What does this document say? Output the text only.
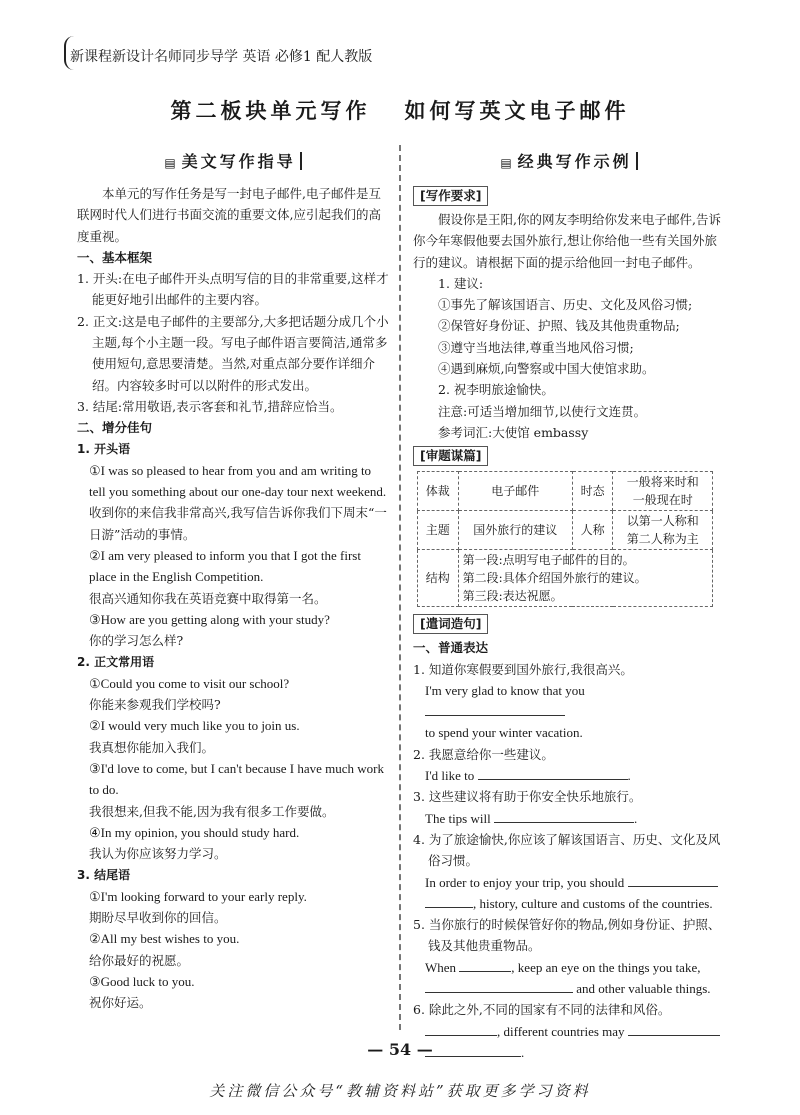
新课程新设计名师同步导学 英语 必修1 配人教版
第二板块单元写作 如何写英文电子邮件
▤ 美文写作指导

本单元的写作任务是写一封电子邮件,电子邮件是互联网时代人们进行书面交流的重要文体,应引起我们的高度重视。

一、基本框架

1. 开头:在电子邮件开头点明写信的目的非常重要,这样才能更好地引出邮件的主要内容。

2. 正文:这是电子邮件的主要部分,大多把话题分成几个小主题,每个小主题一段。写电子邮件语言要简洁,通常多使用短句,意思要清楚。当然,对重点部分要作详细介绍。内容较多时可以以附件的形式发出。

3. 结尾:常用敬语,表示客套和礼节,措辞应恰当。

二、增分佳句

1. 开头语

①I was so pleased to hear from you and am writing to tell you something about our one-day tour next weekend.

收到你的来信我非常高兴,我写信告诉你我们下周末“一日游”活动的事情。

②I am very pleased to inform you that I got the first place in the English Competition.

很高兴通知你我在英语竞赛中取得第一名。

③How are you getting along with your study?

你的学习怎么样?

2. 正文常用语

①Could you come to visit our school?

你能来参观我们学校吗?

②I would very much like you to join us.

我真想你能加入我们。

③I'd love to come, but I can't because I have much work to do.

我很想来,但我不能,因为我有很多工作要做。

④In my opinion, you should study hard.

我认为你应该努力学习。

3. 结尾语

①I'm looking forward to your early reply.

期盼尽早收到你的回信。

②All my best wishes to you.

给你最好的祝愿。

③Good luck to you.

祝你好运。

▤ 经典写作示例
[写作要求]

假设你是王阳,你的网友李明给你发来电子邮件,告诉你今年寒假他要去国外旅行,想让你给他一些有关国外旅行的建议。请根据下面的提示给他回一封电子邮件。

1. 建议:

①事先了解该国语言、历史、文化及风俗习惯;

②保管好身份证、护照、钱及其他贵重物品;

③遵守当地法律,尊重当地风俗习惯;

④遇到麻烦,向警察或中国大使馆求助。

2. 祝李明旅途愉快。

注意:可适当增加细节,以使行文连贯。

参考词汇:大使馆 embassy

[审题谋篇]
体裁	电子邮件	时态	一般将来时和
一般现在时
主题	国外旅行的建议	人称	以第一人称和
第二人称为主
结构	第一段:点明写电子邮件的目的。
第二段:具体介绍国外旅行的建议。
第三段:表达祝愿。		
[遣词造句]

一、普通表达

1. 知道你寒假要到国外旅行,我很高兴。

I'm very glad to know that you

to spend your winter vacation.

2. 我愿意给你一些建议。

I'd like to	.

3. 这些建议将有助于你安全快乐地旅行。

The tips will	.

4. 为了旅途愉快,你应该了解该国语言、历史、文化及风俗习惯。

In order to enjoy your trip, you should

, history, culture and customs of the countries.

5. 当你旅行的时候保管好你的物品,例如身份证、护照、钱及其他贵重物品。

When	, keep an eye on the things you take,

and other valuable things.

6. 除此之外,不同的国家有不同的法律和风俗。

, different countries may

.

— 54 —
关注微信公众号“教辅资料站”获取更多学习资料
